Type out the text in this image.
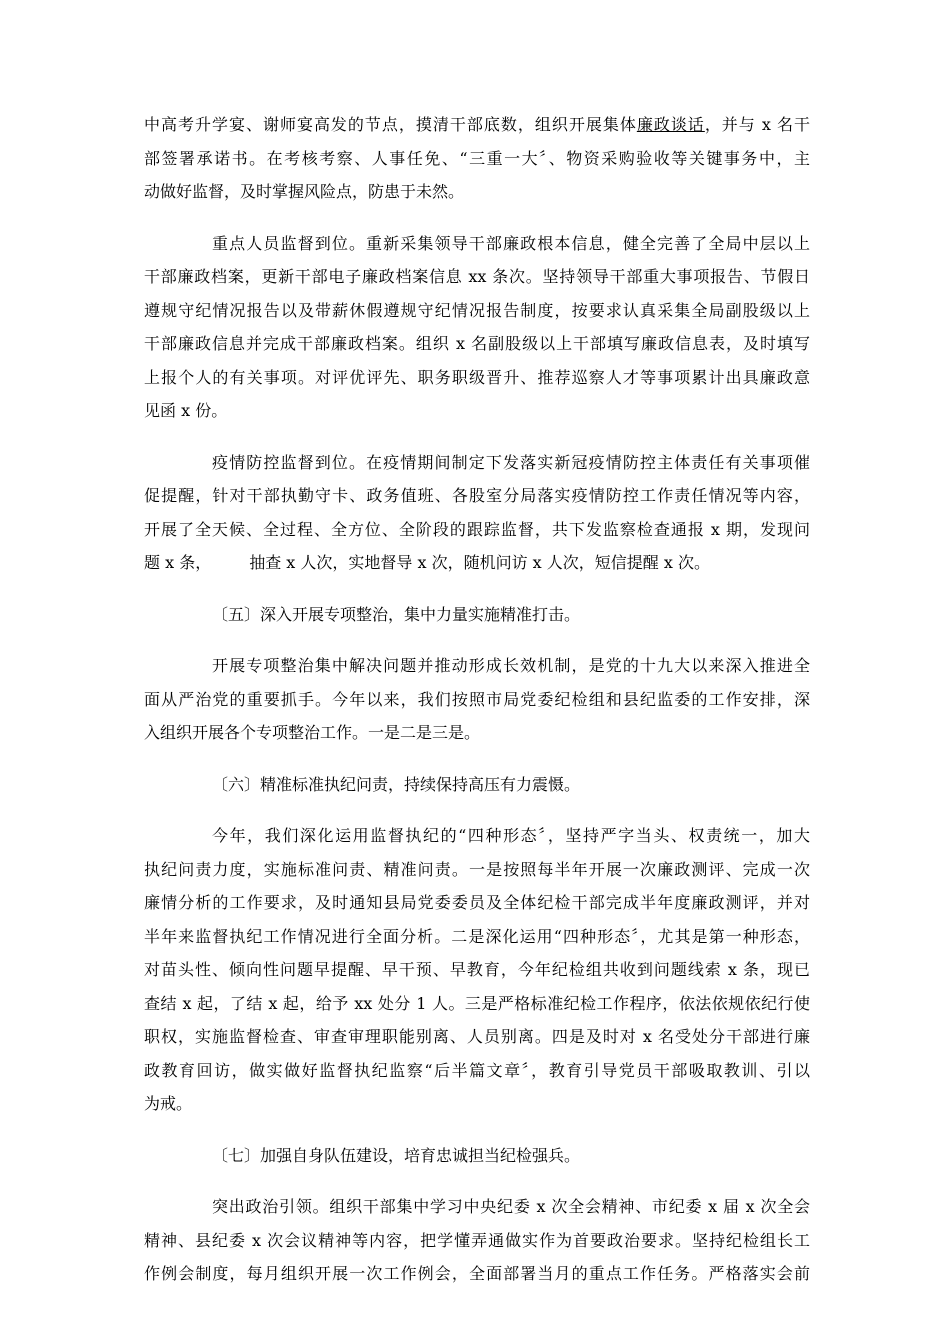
中高考升学宴、谢师宴高发的节点，摸清干部底数，组织开展集体廉政谈话，并与 x 名干
部签署承诺书。在考核考察、人事任免、“三重一大〞、物资采购验收等关键事务中，主
动做好监督，及时掌握风险点，防患于未然。
重点人员监督到位。重新采集领导干部廉政根本信息，健全完善了全局中层以上
干部廉政档案，更新干部电子廉政档案信息 xx 条次。坚持领导干部重大事项报告、节假日
遵规守纪情况报告以及带薪休假遵规守纪情况报告制度，按要求认真采集全局副股级以上
干部廉政信息并完成干部廉政档案。组织 x 名副股级以上干部填写廉政信息表，及时填写
上报个人的有关事项。对评优评先、职务职级晋升、推荐巡察人才等事项累计出具廉政意
见函 x 份。
疫情防控监督到位。在疫情期间制定下发落实新冠疫情防控主体责任有关事项催
促提醒，针对干部执勤守卡、政务值班、各股室分局落实疫情防控工作责任情况等内容，
开展了全天候、全过程、全方位、全阶段的跟踪监督，共下发监察检查通报 x 期，发现问
题 x 条， 抽查 x 人次，实地督导 x 次，随机问访 x 人次，短信提醒 x 次。
〔五〕深入开展专项整治，集中力量实施精准打击。
开展专项整治集中解决问题并推动形成长效机制，是党的十九大以来深入推进全
面从严治党的重要抓手。今年以来，我们按照市局党委纪检组和县纪监委的工作安排，深
入组织开展各个专项整治工作。一是二是三是。
〔六〕精准标准执纪问责，持续保持高压有力震慑。
今年，我们深化运用监督执纪的“四种形态〞，坚持严字当头、权责统一，加大
执纪问责力度，实施标准问责、精准问责。一是按照每半年开展一次廉政测评、完成一次
廉情分析的工作要求，及时通知县局党委委员及全体纪检干部完成半年度廉政测评，并对
半年来监督执纪工作情况进行全面分析。二是深化运用“四种形态〞，尤其是第一种形态，
对苗头性、倾向性问题早提醒、早干预、早教育，今年纪检组共收到问题线索 x 条，现已
查结 x 起，了结 x 起，给予 xx 处分 1 人。三是严格标准纪检工作程序，依法依规依纪行使
职权，实施监督检查、审查审理职能别离、人员别离。四是及时对 x 名受处分干部进行廉
政教育回访，做实做好监督执纪监察“后半篇文章〞，教育引导党员干部吸取教训、引以
为戒。
〔七〕加强自身队伍建设，培育忠诚担当纪检强兵。
突出政治引领。组织干部集中学习中央纪委 x 次全会精神、市纪委 x 届 x 次全会
精神、县纪委 x 次会议精神等内容，把学懂弄通做实作为首要政治要求。坚持纪检组长工
作例会制度，每月组织开展一次工作例会，全面部署当月的重点工作任务。严格落实会前
